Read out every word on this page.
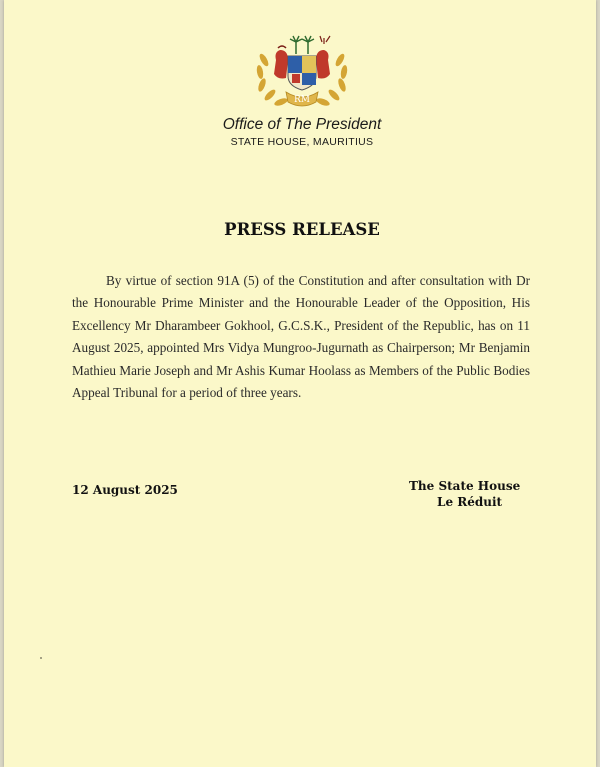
RM
Office of The President
STATE HOUSE, MAURITIUS
PRESS RELEASE

By virtue of section 91A (5) of the Constitution and after consultation with Dr the Honourable Prime Minister and the Honourable Leader of the Opposition, His Excellency Mr Dharambeer Gokhool, G.C.S.K., President of the Republic, has on 11 August 2025, appointed Mrs Vidya Mungroo-Jugurnath as Chairperson; Mr Benjamin Mathieu Marie Joseph and Mr Ashis Kumar Hoolass as Members of the Public Bodies Appeal Tribunal for a period of three years.

12 August 2025	The State House
Le Réduit
